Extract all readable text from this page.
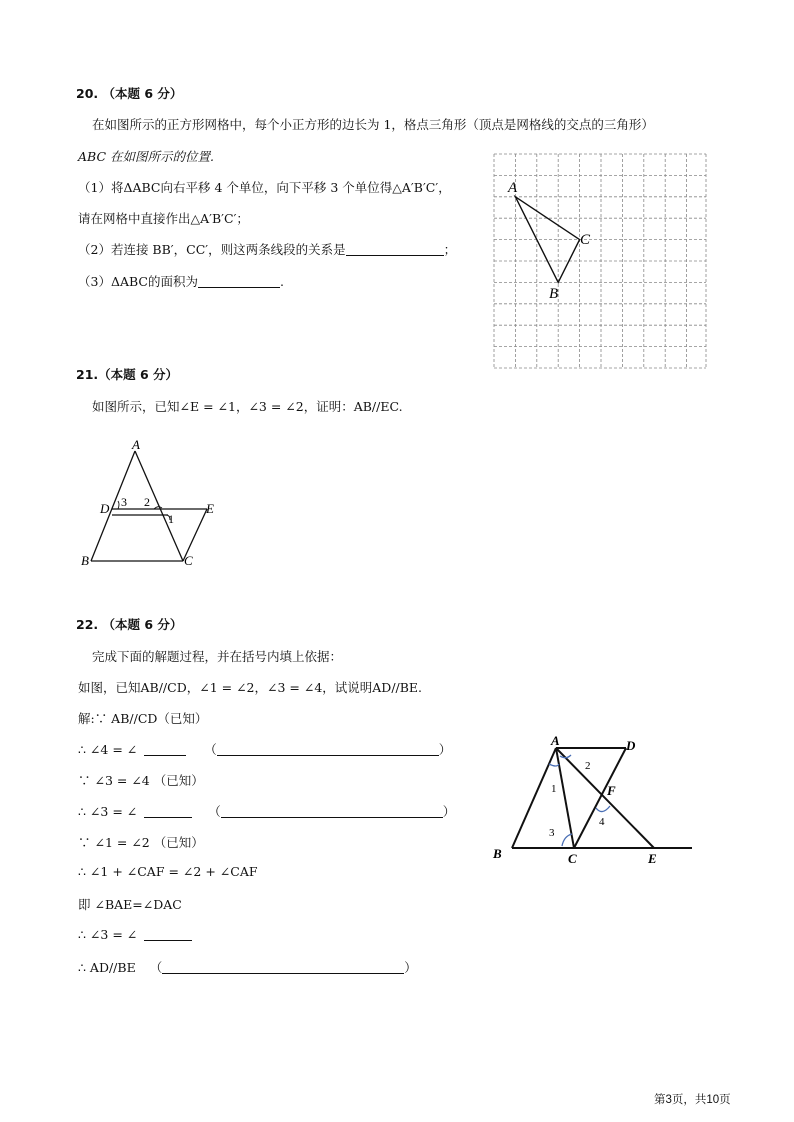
20. （本题 6 分）
在如图所示的正方形网格中，每个小正方形的边长为 1，格点三角形（顶点是网格线的交点的三角形）
ABC 在如图所示的位置.
（1）将ΔABC向右平移 4 个单位，向下平移 3 个单位得△A′B′C′，
请在网格中直接作出△A′B′C′；
（2）若连接 BB′，CC′，则这两条线段的关系是	；
（3）ΔABC的面积为	.
A
C
B
21.（本题 6 分）
如图所示，已知∠E = ∠1，∠3 = ∠2，证明：AB//EC.
A
D	E
B	C
3 2
1
22. （本题 6 分）
完成下面的解题过程，并在括号内填上依据：
如图，已知AB//CD，∠1 = ∠2，∠3 = ∠4，试说明AD//BE.
解:∵ AB//CD（已知）
∴ ∠4 = ∠	（	）
∵ ∠3 = ∠4 （已知）
∴ ∠3 = ∠	（	）
∵ ∠1 = ∠2 （已知）
∴ ∠1 + ∠CAF = ∠2 + ∠CAF
即 ∠BAE=∠DAC
∴ ∠3 = ∠
∴ AD//BE （	）
A	D
F
B	C	E
1
2
3
4
第3页，共10页
